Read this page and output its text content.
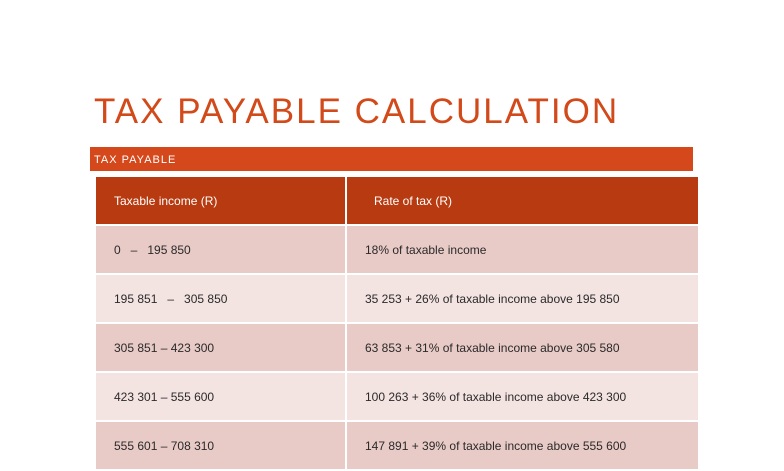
TAX PAYABLE CALCULATION
TAX PAYABLE
Taxable income (R)	Rate of tax (R)
0   –   195 850	18% of taxable income
195 851   –   305 850	35 253 + 26% of taxable income above 195 850
305 851 – 423 300	63 853 + 31% of taxable income above 305 580
423 301 – 555 600	100 263 + 36% of taxable income above 423 300
555 601 – 708 310	147 891 + 39% of taxable income above 555 600
